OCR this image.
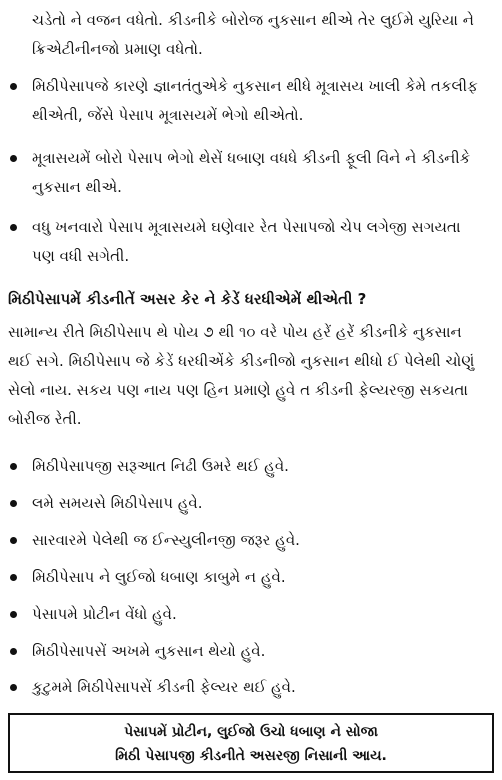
ચડેતો ને વજન વધેતો. કીડનીકે બોરોજ નુકસાન થીએ તેર લુઈમે યુરિયા ને
ક્રિએટીનીનજો પ્રમાણ વધેતો.
મિઠીપેસાપજે કારણે જ્ઞાનતંતુએકે નુકસાન થીધે મૂત્રાસય ખાલી કેમે તકલીફ
થીએતી, જેંસે પેસાપ મૂત્રાસયમેં ભેગો થીએતો.
મૂત્રાસયમેં બોરો પેસાપ ભેગો થેસેં ધબાણ વધધે કીડની ફૂલી વિને ને કીડનીકે
નુકસાન થીએ.
વધુ ખનવારો પેસાપ મૂત્રાસયમે ઘણેવાર રેત પેસાપજો ચેપ લગેજી સગયતા
પણ વધી સગેતી.
મિઠીપેસાપમેં કીડનીતેં અસર કેર ને કેડેં ધરધીએમેં થીએતી ?
સામાન્ય રીતે મિઠીપેસાપ થે પોય ૭ થી ૧૦ વરે પોય હરેં હરેં કીડનીકે નુકસાન
થઈ સગે. મિઠીપેસાપ જે કેડેં ધરધીએંકે કીડનીજો નુકસાન થીધો ઈ પેલેથી ચોણું
સેલો નાય. સકય પણ નાય પણ હિન પ્રમાણે હુવે ત કીડની ફેલ્યરજી સકયતા
બોરીજ રેતી.
મિઠીપેસાપજી સરૂઆત નિઢી ઉમરે થઈ હુવે.
લમે સમયસે મિઠીપેસાપ હુવે.
સારવારમે પેલેથી જ ઈન્સ્યુલીનજી જરૂર હુવે.
મિઠીપેસાપ ને લુઈજો ધબાણ કાબુમે ન હુવે.
પેસાપમે પ્રોટીન વેંધો હુવે.
મિઠીપેસાપસેં અખમે નુકસાન થેયો હુવે.
કુટુમમે મિઠીપેસાપસેં કીડની ફેલ્યર થઈ હુવે.
પેસાપમેં પ્રોટીન, લુઈજો ઉચો ધબાણ ને સોજા
મિઠી પેસાપજી કીડનીતે અસરજી નિસાની આય.
